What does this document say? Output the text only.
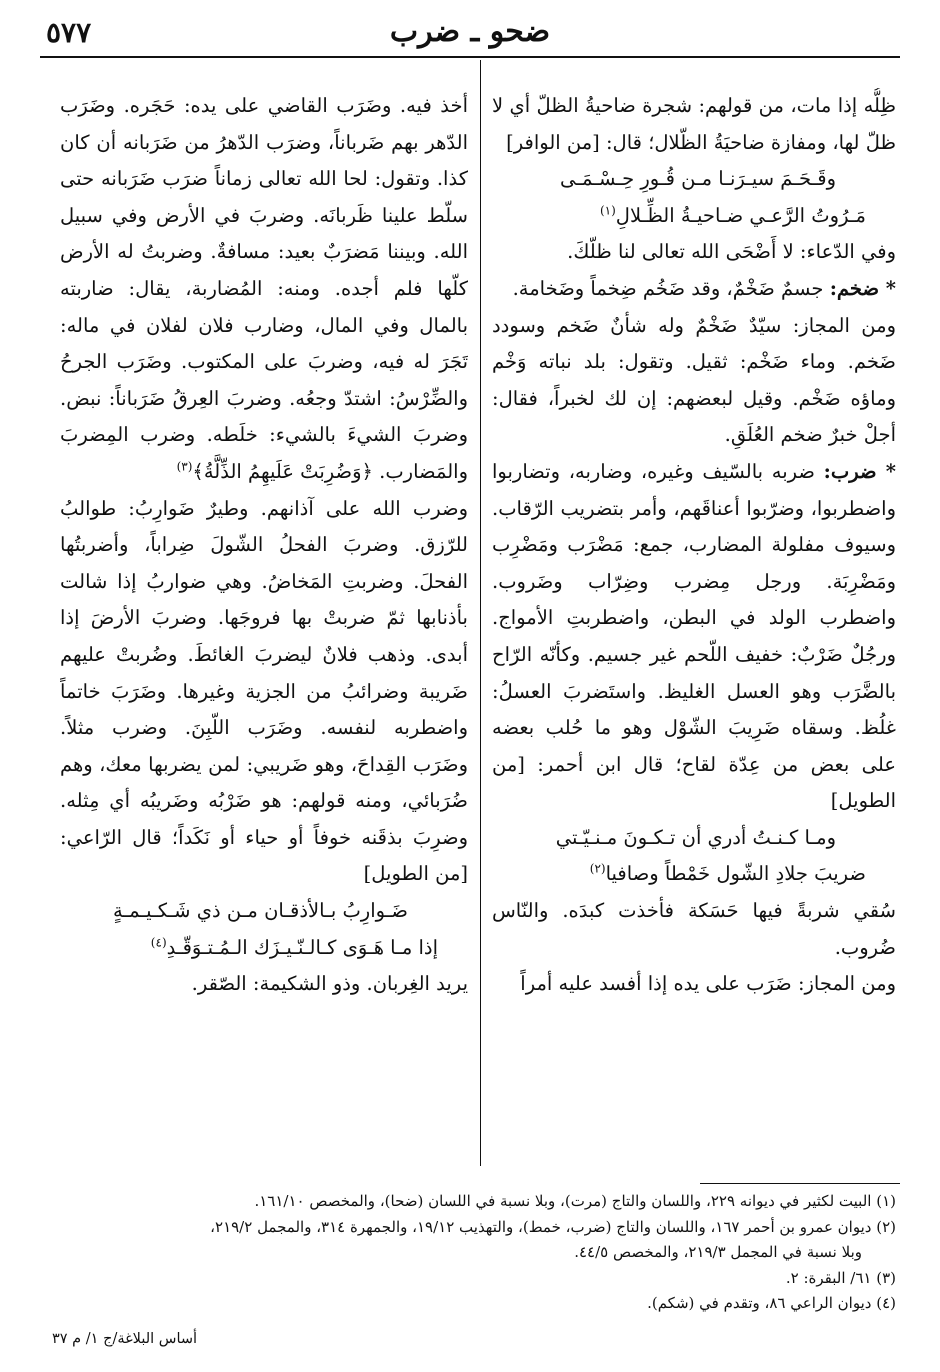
٥٧٧	ضحو ـ ضرب

ظِلُّه إذا مات، من قولهم: شجرة ضاحيةُ الظلّ أي لا ظلّ لها، ومفازة ضاحيَةُ الظّلال؛ قال: [من الوافر]

وقَـحَـمَ سيـرَنـا مـن قُـورِ حِـسْـمَـى

مَـرُوتُ الرَّعـي ضـاحيـةُ الظِّـلالِ$^{(١)}$

وفي الدّعاء: لا أَضْحَى الله تعالى لنا ظلّكَ.

* ضخم: جسمٌ ضَخْمٌ، وقد ضَخُم ضِخماً وضَخامة.

ومن المجاز: سيّدٌ ضَخْمٌ وله شأنٌ ضَخم وسودد ضَخم. وماء ضَخْم: ثقيل. وتقول: بلد نباته وَخْم وماؤه ضَخْم. وقيل لبعضهم: إن لك لخبراً، فقال: أجلْ خبرٌ ضخم العُلَقِ.

* ضرب: ضربه بالسّيف وغيره، وضاربه، وتضاربوا واضطربوا، وضرّبوا أعناقَهم، وأمر بتضريب الرّقاب. وسيوف مفلولة المضارب، جمع: مَضْرَب ومَضْرِب ومَضْرِبَة. ورجل مِضرب وضِرّاب وضَروب. واضطرب الولد في البطن، واضطربتِ الأمواج. ورجُلٌ ضَرْبٌ: خفيف اللّحم غير جسيم. وكأنّه الرّاح بالضَّرَب وهو العسل الغليظ. واستَضربَ العسلُ: غلُظ. وسقاه ضَرِيبَ الشّوْل وهو ما حُلب بعضه على بعض من عِدّة لقاح؛ قال ابن أحمر: [من الطويل]

ومـا كـنـتُ أدري أن تـكـونَ مـنـيّـتي

ضريبَ جلادِ الشّول خَمْطاً وصافيا$^{(٢)}$

سُقي شربةً فيها حَسَكة فأخذت كبدَه. والنّاس ضُروب.

ومن المجاز: ضَرَب على يده إذا أفسد عليه أمراً

أخذ فيه. وضَرَب القاضي على يده: حَجَره. وضَرَب الدّهر بهم ضَرباناً، وضرَب الدّهرُ من ضَرَبانه أن كان كذا. وتقول: لحا الله تعالى زماناً ضرَب ضَرَبانه حتى سلّط علينا ظَربانَه. وضربَ في الأرض وفي سبيل الله. وبيننا مَضرَبٌ بعيد: مسافةٌ. وضربتُ له الأرض كلّها فلم أجده. ومنه: المُضاربة، يقال: ضاربته بالمال وفي المال، وضارب فلان لفلان في ماله: تَجَرَ له فيه، وضربَ على المكتوب. وضَرَب الجرحُ والضِّرْسُ: اشتدّ وجعُه. وضربَ العِرقُ ضَرَباناً: نبض. وضربَ الشيءَ بالشيء: خلَطه. وضرب المِضربَ والمَضارب. ﴿وَضُرِبَتْ عَلَيهِمُ الذِّلَّةُ﴾$^{(٣)}$

وضرب الله على آذانهم. وطيرٌ ضَوارِبُ: طوالبُ للرّزق. وضربَ الفحلُ الشّولَ ضِراباً، وأضربتُها الفحلَ. وضربتِ المَخاضُ. وهي ضواربُ إذا شالت بأذنابها ثمّ ضربتْ بها فروجَها. وضربَ الأرضَ إذا أبدى. وذهب فلانٌ ليضربَ الغائطَ. وضُربتْ عليهم ضَريبة وضرائبُ من الجزية وغيرها. وضَرَبَ خاتماً واضطربه لنفسه. وضَرَب اللّبِنَ. وضرب مثلاً. وضَرَب القِداحَ، وهو ضَريبي: لمن يضربها معك، وهم ضُرَبائي، ومنه قولهم: هو ضَرْبُه وضَريبُه أي مِثله. وضرِبَ بذقَنه خوفاً أو حياء أو نَكَداً؛ قال الرّاعي: [من الطويل]

ضَـوارِبُ بـالأذقـان مـن ذي شَـكـيـمـةٍ

إذا مـا هَـوَى كـالـنّـيـزَك الـمُـتـوَقّـدِ$^{(٤)}$

يريد الغِربان. وذو الشكيمة: الصّقر.

(١) البيت لكثير في ديوانه ٢٢٩، واللسان والتاج (مرت)، وبلا نسبة في اللسان (ضحا)، والمخصص ١٦١/١٠.

(٢) ديوان عمرو بن أحمر ١٦٧، واللسان والتاج (ضرب، خمط)، والتهذيب ١٩/١٢، والجمهرة ٣١٤، والمجمل ٢١٩/٢،

وبلا نسبة في المجمل ٢١٩/٣، والمخصص ٤٤/٥.

(٣) ٦١/ البقرة: ٢.

(٤) ديوان الراعي ٨٦، وتقدم في (شكم).

أساس البلاغة/ج ١/ م ٣٧
